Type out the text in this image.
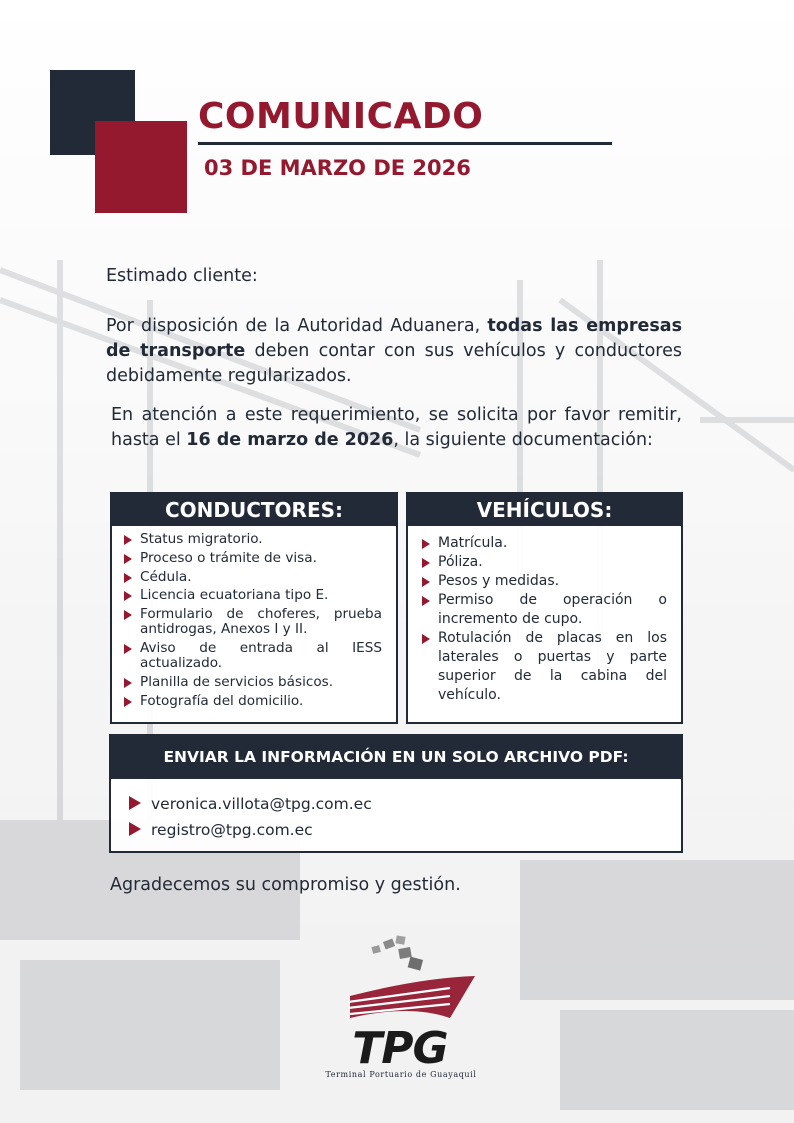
COMUNICADO
03 DE MARZO DE 2026
Estimado cliente:
Por disposición de la Autoridad Aduanera, todas las empresas de transporte deben contar con sus vehículos y conductores debidamente regularizados.
En atención a este requerimiento, se solicita por favor remitir, hasta el 16 de marzo de 2026, la siguiente documentación:
CONDUCTORES:
Status migratorio.
Proceso o trámite de visa.
Cédula.
Licencia ecuatoriana tipo E.
Formulario de choferes, prueba antidrogas, Anexos I y II.
Aviso de entrada al IESS actualizado.
Planilla de servicios básicos.
Fotografía del domicilio.
VEHÍCULOS:
Matrícula.
Póliza.
Pesos y medidas.
Permiso de operación o incremento de cupo.
Rotulación de placas en los laterales o puertas y parte superior de la cabina del vehículo.
ENVIAR LA INFORMACIÓN EN UN SOLO ARCHIVO PDF:
veronica.villota@tpg.com.ec
registro@tpg.com.ec
Agradecemos su compromiso y gestión.
TPG
Terminal Portuario de Guayaquil
